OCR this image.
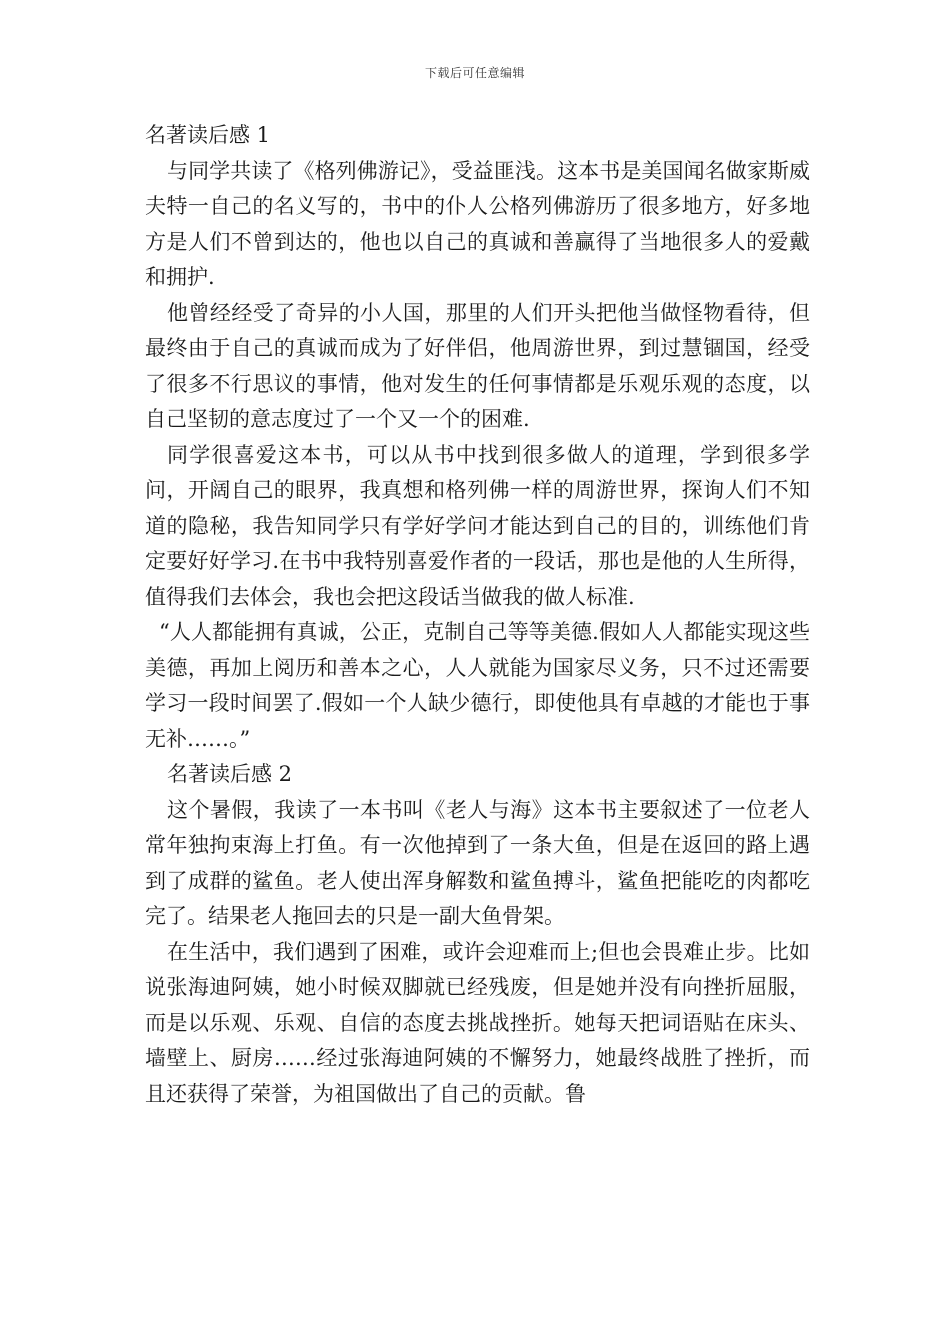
下载后可任意编辑

名著读后感 1

与同学共读了《格列佛游记》，受益匪浅。这本书是美国闻名做家斯威夫特一自己的名义写的，书中的仆人公格列佛游历了很多地方，好多地方是人们不曾到达的，他也以自己的真诚和善赢得了当地很多人的爱戴和拥护.

他曾经经受了奇异的小人国，那里的人们开头把他当做怪物看待，但最终由于自己的真诚而成为了好伴侣，他周游世界，到过慧锢国，经受了很多不行思议的事情，他对发生的任何事情都是乐观乐观的态度，以自己坚韧的意志度过了一个又一个的困难.

同学很喜爱这本书，可以从书中找到很多做人的道理，学到很多学问，开阔自己的眼界，我真想和格列佛一样的周游世界，探询人们不知道的隐秘，我告知同学只有学好学问才能达到自己的目的，训练他们肯定要好好学习.在书中我特别喜爱作者的一段话，那也是他的人生所得，值得我们去体会，我也会把这段话当做我的做人标准.

“人人都能拥有真诚，公正，克制自己等等美德.假如人人都能实现这些美德，再加上阅历和善本之心，人人就能为国家尽义务，只不过还需要学习一段时间罢了.假如一个人缺少德行，即使他具有卓越的才能也于事无补……。”

名著读后感 2

这个暑假，我读了一本书叫《老人与海》这本书主要叙述了一位老人常年独拘束海上打鱼。有一次他掉到了一条大鱼，但是在返回的路上遇到了成群的鲨鱼。老人使出浑身解数和鲨鱼搏斗，鲨鱼把能吃的肉都吃完了。结果老人拖回去的只是一副大鱼骨架。

在生活中，我们遇到了困难，或许会迎难而上;但也会畏难止步。比如说张海迪阿姨，她小时候双脚就已经残废，但是她并没有向挫折屈服，而是以乐观、乐观、自信的态度去挑战挫折。她每天把词语贴在床头、墙壁上、厨房……经过张海迪阿姨的不懈努力，她最终战胜了挫折，而且还获得了荣誉，为祖国做出了自己的贡献。鲁
